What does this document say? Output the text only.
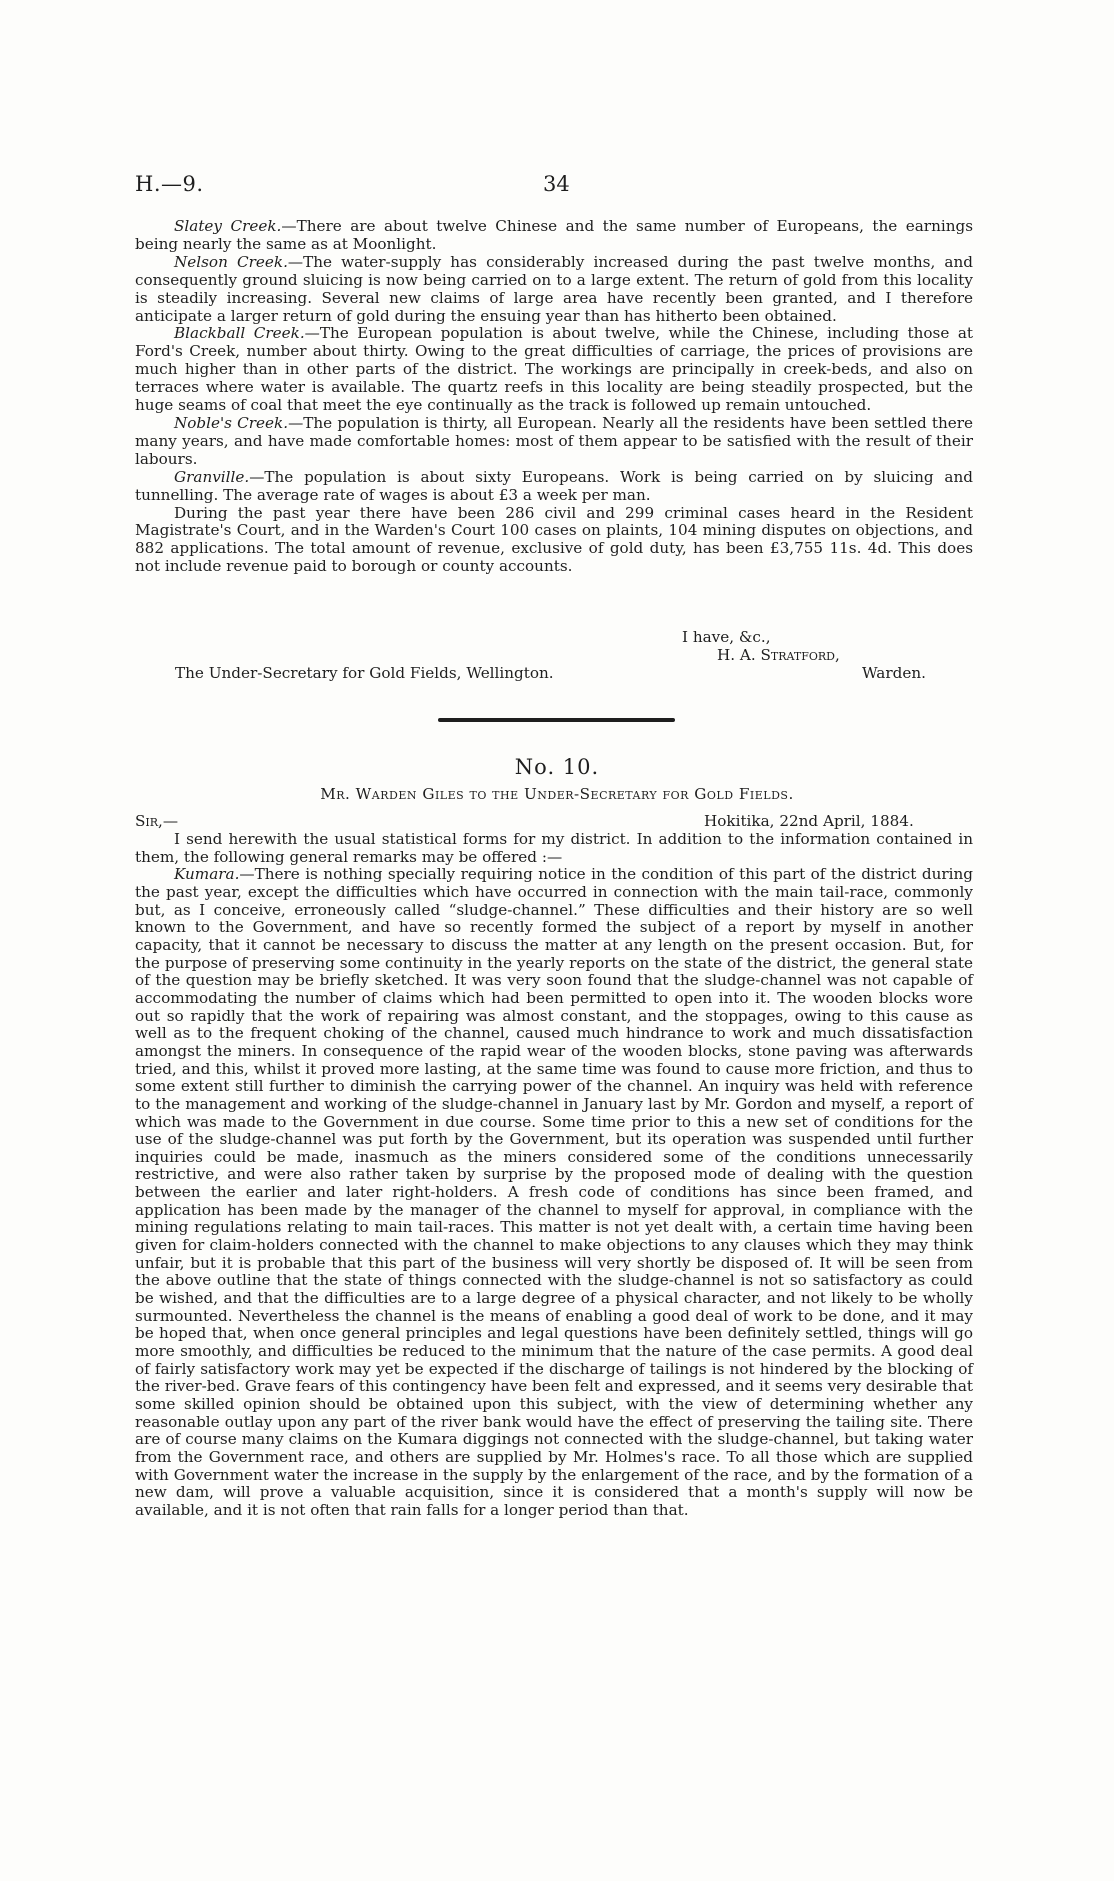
H.—9.	34

Slatey Creek.—There are about twelve Chinese and the same number of Europeans, the earnings being nearly the same as at Moonlight.

Nelson Creek.—The water-supply has considerably increased during the past twelve months, and consequently ground sluicing is now being carried on to a large extent. The return of gold from this locality is steadily increasing. Several new claims of large area have recently been granted, and I therefore anticipate a larger return of gold during the ensuing year than has hitherto been obtained.

Blackball Creek.—The European population is about twelve, while the Chinese, including those at Ford's Creek, number about thirty. Owing to the great difficulties of carriage, the prices of provisions are much higher than in other parts of the district. The workings are principally in creek-beds, and also on terraces where water is available. The quartz reefs in this locality are being steadily prospected, but the huge seams of coal that meet the eye continually as the track is followed up remain untouched.

Noble's Creek.—The population is thirty, all European. Nearly all the residents have been settled there many years, and have made comfortable homes: most of them appear to be satisfied with the result of their labours.

Granville.—The population is about sixty Europeans. Work is being carried on by sluicing and tunnelling. The average rate of wages is about £3 a week per man.

During the past year there have been 286 civil and 299 criminal cases heard in the Resident Magistrate's Court, and in the Warden's Court 100 cases on plaints, 104 mining disputes on objections, and 882 applications. The total amount of revenue, exclusive of gold duty, has been £3,755 11s. 4d. This does not include revenue paid to borough or county accounts.

I have, &c.,
H. A. Stratford,
The Under-Secretary for Gold Fields, Wellington.	Warden.
No. 10.
Mr. Warden Giles to the Under-Secretary for Gold Fields.
Sir,—	Hokitika, 22nd April, 1884.

I send herewith the usual statistical forms for my district. In addition to the information contained in them, the following general remarks may be offered :—

Kumara.—There is nothing specially requiring notice in the condition of this part of the district during the past year, except the difficulties which have occurred in connection with the main tail-race, commonly but, as I conceive, erroneously called “sludge-channel.” These difficulties and their history are so well known to the Government, and have so recently formed the subject of a report by myself in another capacity, that it cannot be necessary to discuss the matter at any length on the present occasion. But, for the purpose of preserving some continuity in the yearly reports on the state of the district, the general state of the question may be briefly sketched. It was very soon found that the sludge-channel was not capable of accommodating the number of claims which had been permitted to open into it. The wooden blocks wore out so rapidly that the work of repairing was almost constant, and the stoppages, owing to this cause as well as to the frequent choking of the channel, caused much hindrance to work and much dissatisfaction amongst the miners. In consequence of the rapid wear of the wooden blocks, stone paving was afterwards tried, and this, whilst it proved more lasting, at the same time was found to cause more friction, and thus to some extent still further to diminish the carrying power of the channel. An inquiry was held with reference to the management and working of the sludge-channel in January last by Mr. Gordon and myself, a report of which was made to the Government in due course. Some time prior to this a new set of conditions for the use of the sludge-channel was put forth by the Government, but its operation was suspended until further inquiries could be made, inasmuch as the miners considered some of the conditions unnecessarily restrictive, and were also rather taken by surprise by the proposed mode of dealing with the question between the earlier and later right-holders. A fresh code of conditions has since been framed, and application has been made by the manager of the channel to myself for approval, in compliance with the mining regulations relating to main tail-races. This matter is not yet dealt with, a certain time having been given for claim-holders connected with the channel to make objections to any clauses which they may think unfair, but it is probable that this part of the business will very shortly be disposed of. It will be seen from the above outline that the state of things connected with the sludge-channel is not so satisfactory as could be wished, and that the difficulties are to a large degree of a physical character, and not likely to be wholly surmounted. Nevertheless the channel is the means of enabling a good deal of work to be done, and it may be hoped that, when once general principles and legal questions have been definitely settled, things will go more smoothly, and difficulties be reduced to the minimum that the nature of the case permits. A good deal of fairly satisfactory work may yet be expected if the discharge of tailings is not hindered by the blocking of the river-bed. Grave fears of this contingency have been felt and expressed, and it seems very desirable that some skilled opinion should be obtained upon this subject, with the view of determining whether any reasonable outlay upon any part of the river bank would have the effect of preserving the tailing site. There are of course many claims on the Kumara diggings not connected with the sludge-channel, but taking water from the Government race, and others are supplied by Mr. Holmes's race. To all those which are supplied with Government water the increase in the supply by the enlargement of the race, and by the formation of a new dam, will prove a valuable acquisition, since it is considered that a month's supply will now be available, and it is not often that rain falls for a longer period than that.
